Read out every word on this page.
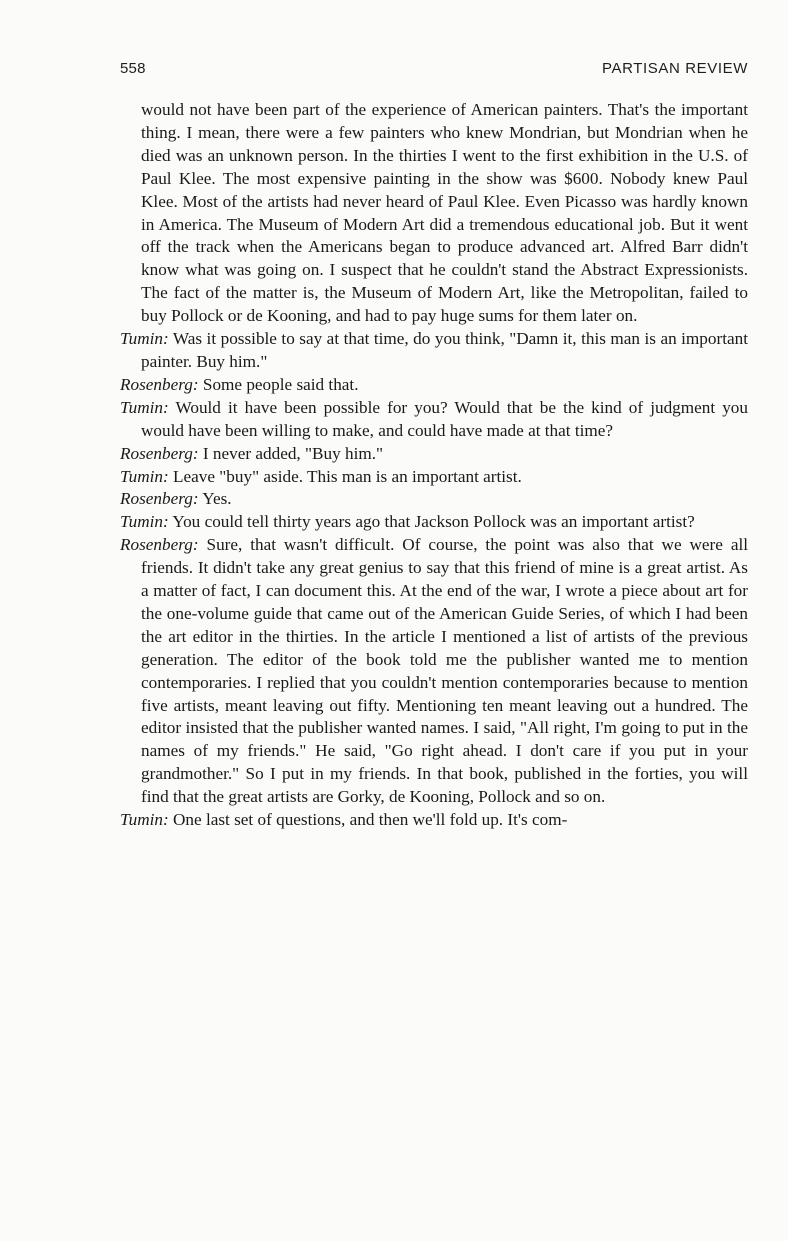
558	PARTISAN REVIEW

would not have been part of the experience of American painters. That's the important thing. I mean, there were a few painters who knew Mondrian, but Mondrian when he died was an unknown person. In the thirties I went to the first exhibition in the U.S. of Paul Klee. The most expensive painting in the show was $600. Nobody knew Paul Klee. Most of the artists had never heard of Paul Klee. Even Picasso was hardly known in America. The Museum of Modern Art did a tremendous educational job. But it went off the track when the Americans began to produce advanced art. Alfred Barr didn't know what was going on. I suspect that he couldn't stand the Abstract Expressionists. The fact of the matter is, the Museum of Modern Art, like the Metropolitan, failed to buy Pollock or de Kooning, and had to pay huge sums for them later on.

Tumin: Was it possible to say at that time, do you think, "Damn it, this man is an important painter. Buy him."

Rosenberg: Some people said that.

Tumin: Would it have been possible for you? Would that be the kind of judgment you would have been willing to make, and could have made at that time?

Rosenberg: I never added, "Buy him."

Tumin: Leave "buy" aside. This man is an important artist.

Rosenberg: Yes.

Tumin: You could tell thirty years ago that Jackson Pollock was an important artist?

Rosenberg: Sure, that wasn't difficult. Of course, the point was also that we were all friends. It didn't take any great genius to say that this friend of mine is a great artist. As a matter of fact, I can document this. At the end of the war, I wrote a piece about art for the one-volume guide that came out of the American Guide Series, of which I had been the art editor in the thirties. In the article I mentioned a list of artists of the previous generation. The editor of the book told me the publisher wanted me to mention contemporaries. I replied that you couldn't mention contemporaries because to mention five artists, meant leaving out fifty. Mentioning ten meant leaving out a hundred. The editor insisted that the publisher wanted names. I said, "All right, I'm going to put in the names of my friends." He said, "Go right ahead. I don't care if you put in your grandmother." So I put in my friends. In that book, published in the forties, you will find that the great artists are Gorky, de Kooning, Pollock and so on.

Tumin: One last set of questions, and then we'll fold up. It's com-
